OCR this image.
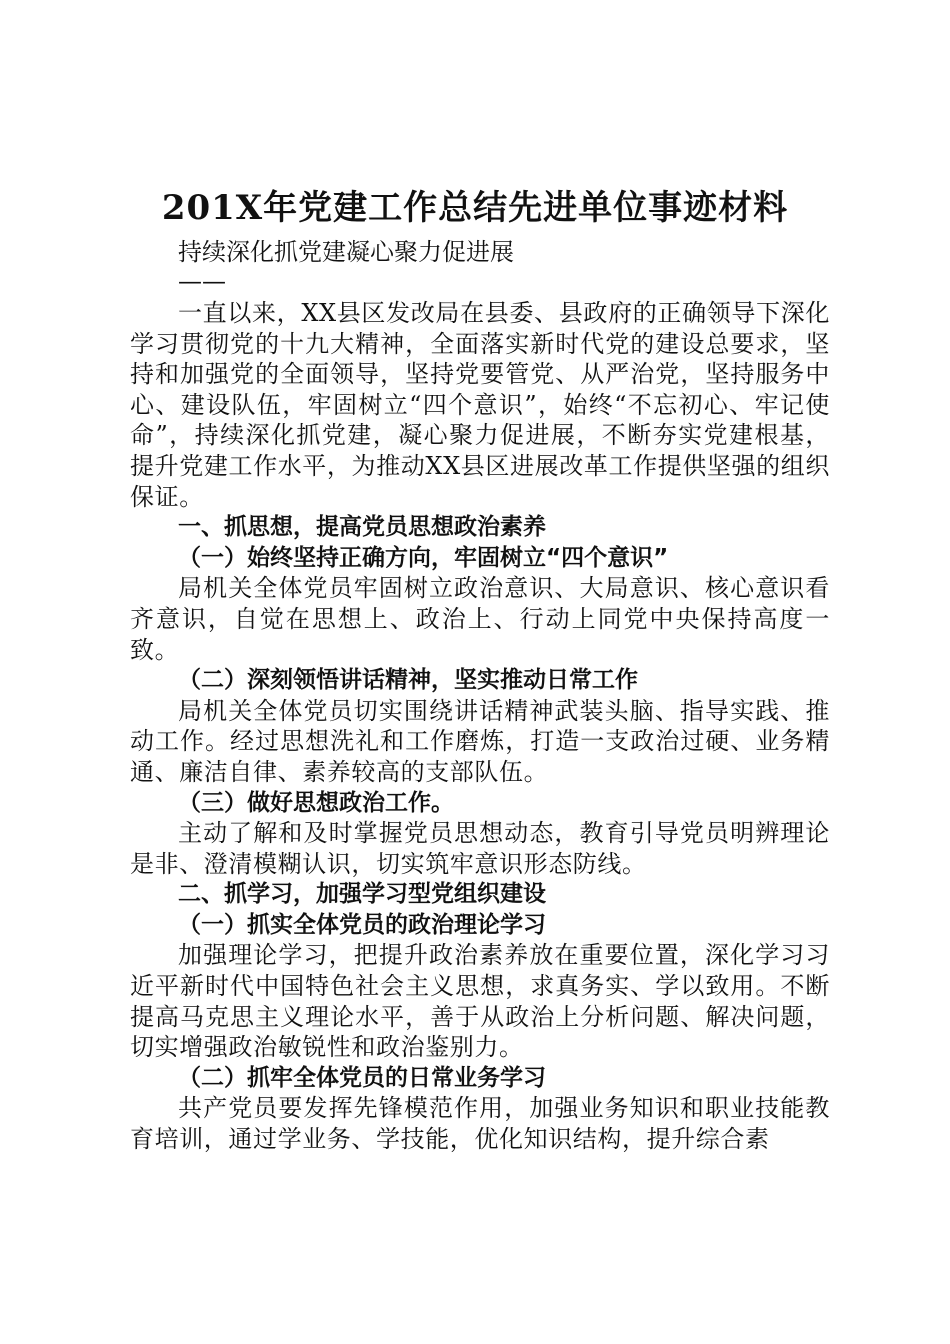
201X年党建工作总结先进单位事迹材料
持续深化抓党建凝心聚力促进展
——

一直以来，XX县区发改局在县委、县政府的正确领导下深化学习贯彻党的十九大精神，全面落实新时代党的建设总要求，坚持和加强党的全面领导，坚持党要管党、从严治党，坚持服务中心、建设队伍，牢固树立“四个意识”，始终“不忘初心、牢记使命”，持续深化抓党建，凝心聚力促进展，不断夯实党建根基，提升党建工作水平，为推动XX县区进展改革工作提供坚强的组织保证。

一、抓思想，提高党员思想政治素养

（一）始终坚持正确方向，牢固树立“四个意识”

局机关全体党员牢固树立政治意识、大局意识、核心意识看齐意识，自觉在思想上、政治上、行动上同党中央保持高度一致。

（二）深刻领悟讲话精神，坚实推动日常工作

局机关全体党员切实围绕讲话精神武装头脑、指导实践、推动工作。经过思想洗礼和工作磨炼，打造一支政治过硬、业务精通、廉洁自律、素养较高的支部队伍。

（三）做好思想政治工作。

主动了解和及时掌握党员思想动态，教育引导党员明辨理论是非、澄清模糊认识，切实筑牢意识形态防线。

二、抓学习，加强学习型党组织建设

（一）抓实全体党员的政治理论学习

加强理论学习，把提升政治素养放在重要位置，深化学习习近平新时代中国特色社会主义思想，求真务实、学以致用。不断提高马克思主义理论水平，善于从政治上分析问题、解决问题，切实增强政治敏锐性和政治鉴别力。

（二）抓牢全体党员的日常业务学习

共产党员要发挥先锋模范作用，加强业务知识和职业技能教育培训，通过学业务、学技能，优化知识结构，提升综合素
